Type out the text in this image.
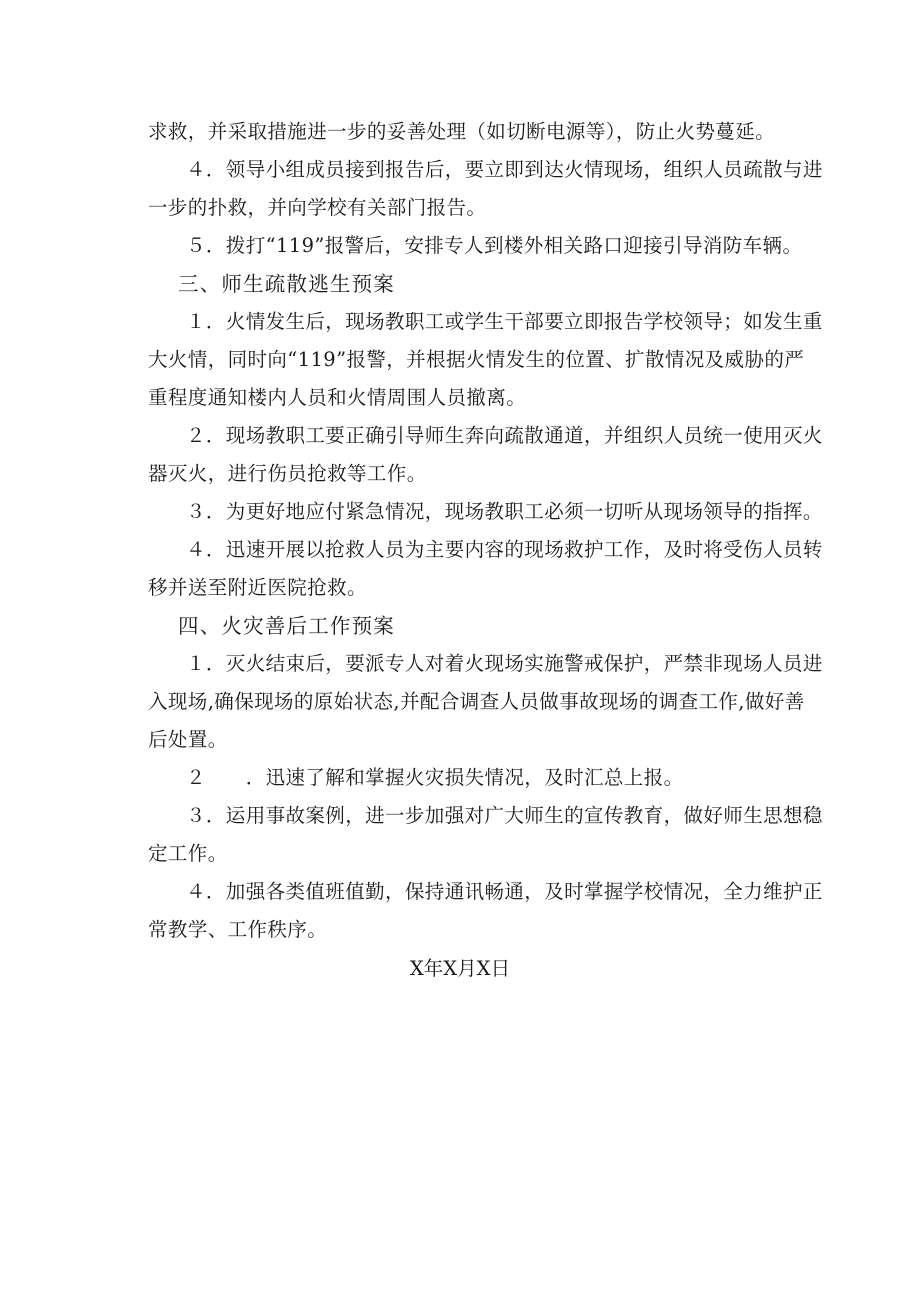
求救，并采取措施进一步的妥善处理（如切断电源等），防止火势蔓延。
４．领导小组成员接到报告后，要立即到达火情现场，组织人员疏散与进
一步的扑救，并向学校有关部门报告。
５．拨打“119”报警后，安排专人到楼外相关路口迎接引导消防车辆。
三、师生疏散逃生预案
１．火情发生后，现场教职工或学生干部要立即报告学校领导；如发生重
大火情，同时向“119”报警，并根据火情发生的位置、扩散情况及威胁的严
重程度通知楼内人员和火情周围人员撤离。
２．现场教职工要正确引导师生奔向疏散通道，并组织人员统一使用灭火
器灭火，进行伤员抢救等工作。
３．为更好地应付紧急情况，现场教职工必须一切听从现场领导的指挥。
４．迅速开展以抢救人员为主要内容的现场救护工作，及时将受伤人员转
移并送至附近医院抢救。
四、火灾善后工作预案
１．灭火结束后，要派专人对着火现场实施警戒保护，严禁非现场人员进
入现场,确保现场的原始状态,并配合调查人员做事故现场的调查工作,做好善
后处置。
２　　．迅速了解和掌握火灾损失情况，及时汇总上报。
３．运用事故案例，进一步加强对广大师生的宣传教育，做好师生思想稳
定工作。
４．加强各类值班值勤，保持通讯畅通，及时掌握学校情况，全力维护正
常教学、工作秩序。
X年X月X日
